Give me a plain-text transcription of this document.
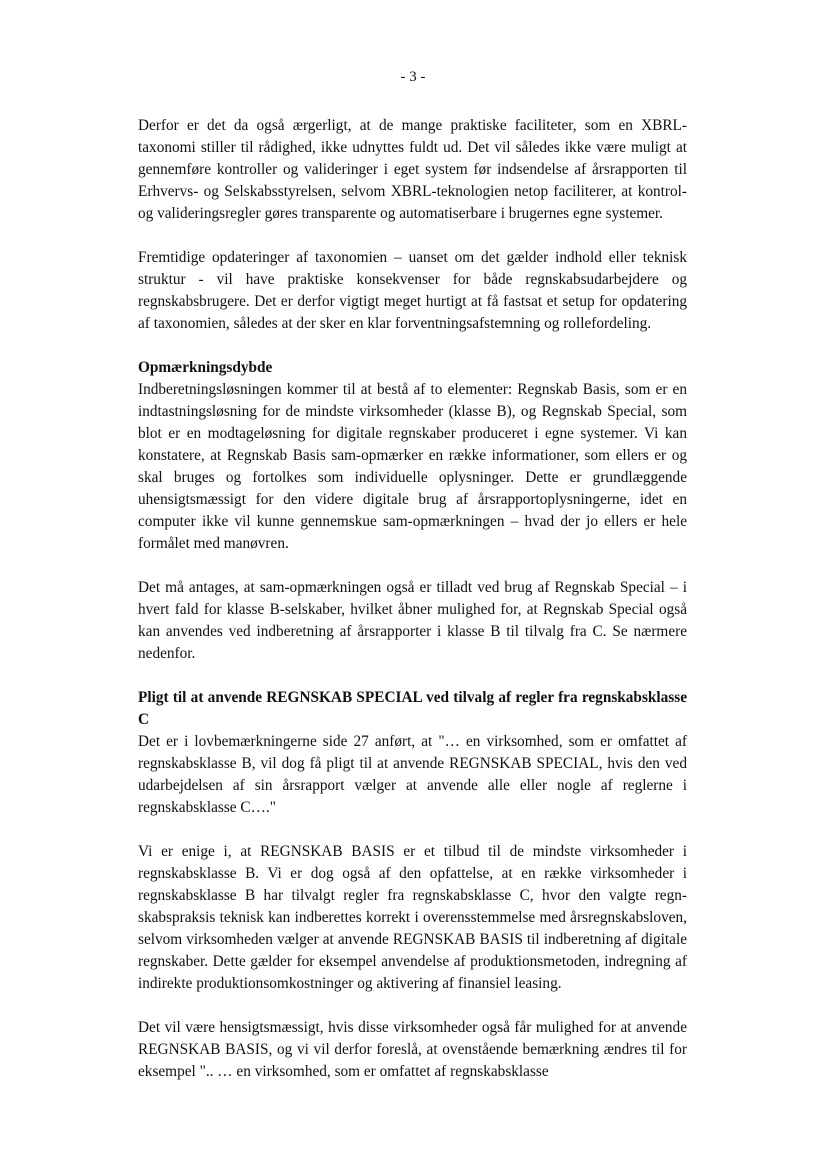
- 3 -

Derfor er det da også ærgerligt, at de mange praktiske faciliteter, som en XBRL-taxonomi stiller til rådighed, ikke udnyttes fuldt ud. Det vil således ikke være muligt at gennemføre kontroller og valideringer i eget system før indsendelse af årsrapporten til Erhvervs- og Selskabsstyrelsen, selvom XBRL-teknologien netop faciliterer, at kontrol- og valideringsregler gøres transparente og automatiserbare i brugernes egne systemer.

Fremtidige opdateringer af taxonomien – uanset om det gælder indhold eller teknisk struktur - vil have praktiske konsekvenser for både regnskabsudarbejdere og regnskabsbrugere. Det er derfor vigtigt meget hurtigt at få fastsat et setup for opdatering af taxonomien, således at der sker en klar forventningsafstemning og rollefordeling.

Opmærkningsdybde
Indberetningsløsningen kommer til at bestå af to elementer: Regnskab Basis, som er en indtastningsløsning for de mindste virksomheder (klasse B), og Regnskab Special, som blot er en modtageløsning for digitale regnskaber produceret i egne systemer. Vi kan konstatere, at Regnskab Basis sam-opmærker en række informationer, som ellers er og skal bruges og fortolkes som individuelle oplysninger. Dette er grundlæggende uhensigtsmæssigt for den videre digitale brug af årsrapportoplysningerne, idet en computer ikke vil kunne gennemskue sam-opmærkningen – hvad der jo ellers er hele formålet med manøvren.

Det må antages, at sam-opmærkningen også er tilladt ved brug af Regnskab Special – i hvert fald for klasse B-selskaber, hvilket åbner mulighed for, at Regnskab Special også kan anvendes ved indberetning af årsrapporter i klasse B til tilvalg fra C. Se nærmere nedenfor.

Pligt til at anvende REGNSKAB SPECIAL ved tilvalg af regler fra regnskabsklasse C
Det er i lovbemærkningerne side 27 anført, at "… en virksomhed, som er omfattet af regnskabsklasse B, vil dog få pligt til at anvende REGNSKAB SPECIAL, hvis den ved udarbejdelsen af sin årsrapport vælger at anvende alle eller nogle af reglerne i regnskabsklasse C…."

Vi er enige i, at REGNSKAB BASIS er et tilbud til de mindste virksomheder i regnskabsklasse B. Vi er dog også af den opfattelse, at en række virksomheder i regnskabsklasse B har tilvalgt regler fra regnskabsklasse C, hvor den valgte regnskabspraksis teknisk kan indberettes korrekt i overensstemmelse med årsregnskabsloven, selvom virksomheden vælger at anvende REGNSKAB BASIS til indberetning af digitale regnskaber. Dette gælder for eksempel anvendelse af produktionsmetoden, indregning af indirekte produktionsomkostninger og aktivering af finansiel leasing.

Det vil være hensigtsmæssigt, hvis disse virksomheder også får mulighed for at anvende REGNSKAB BASIS, og vi vil derfor foreslå, at ovenstående bemærkning ændres til for eksempel ".. … en virksomhed, som er omfattet af regnskabsklasse
